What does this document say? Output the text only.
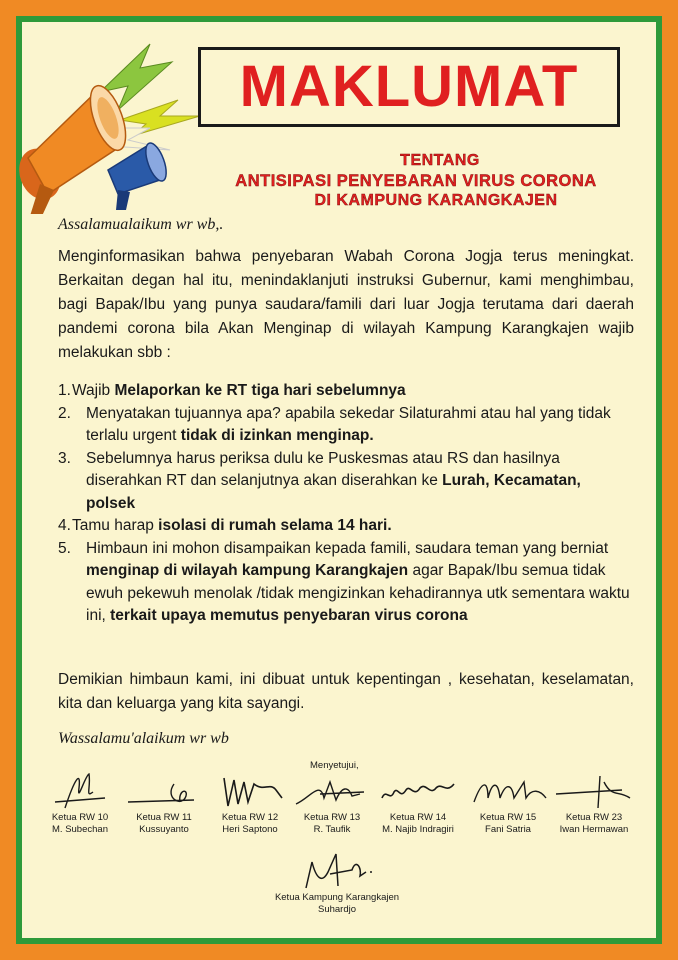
MAKLUMAT
TENTANG
ANTISIPASI PENYEBARAN VIRUS CORONA
DI KAMPUNG KARANGKAJEN
Assalamualaikum wr wb,.
Menginformasikan bahwa penyebaran Wabah Corona Jogja terus meningkat. Berkaitan degan hal itu, menindaklanjuti instruksi Gubernur, kami menghimbau, bagi Bapak/Ibu yang punya saudara/famili dari luar Jogja terutama dari daerah pandemi corona bila Akan Menginap di wilayah Kampung Karangkajen wajib melakukan sbb :
1. Wajib Melaporkan ke RT tiga hari sebelumnya
2. Menyatakan tujuannya apa? apabila sekedar Silaturahmi atau hal yang tidak terlalu urgent tidak di izinkan menginap.
3. Sebelumnya harus periksa dulu ke Puskesmas atau RS dan hasilnya diserahkan RT dan selanjutnya akan diserahkan ke Lurah, Kecamatan, polsek
4. Tamu harap isolasi di rumah selama 14 hari.
5. Himbaun ini mohon disampaikan kepada famili, saudara teman yang berniat menginap di wilayah kampung Karangkajen agar Bapak/Ibu semua tidak ewuh pekewuh menolak /tidak mengizinkan kehadirannya utk sementara waktu ini, terkait upaya memutus penyebaran virus corona
Demikian himbaun kami, ini dibuat untuk kepentingan , kesehatan, keselamatan, kita dan keluarga yang kita sayangi.
Wassalamu'alaikum wr wb
Menyetujui,
Ketua RW 10
M. Subechan
Ketua RW 11
Kussuyanto
Ketua RW 12
Heri Saptono
Ketua RW 13
R. Taufik
Ketua RW 14
M. Najib Indragiri
Ketua RW 15
Fani Satria
Ketua RW 23
Iwan Hermawan
Ketua Kampung Karangkajen
Suhardjo
